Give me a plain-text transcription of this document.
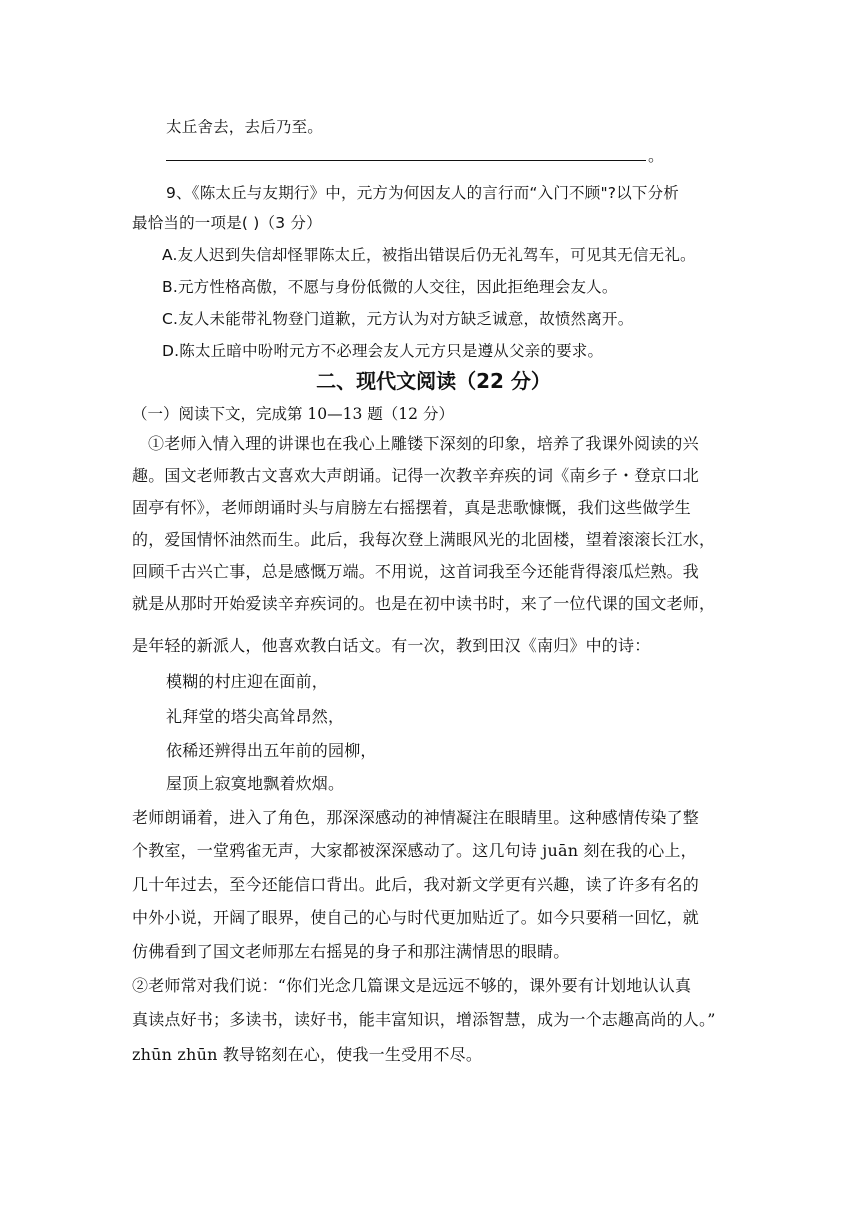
太丘舍去，去后乃至。
。
9、《陈太丘与友期行》中，元方为何因友人的言行而“入门不顾"?以下分析
最恰当的一项是( )（3 分）
A.友人迟到失信却怪罪陈太丘，被指出错误后仍无礼驾车，可见其无信无礼。
B.元方性格高傲，不愿与身份低微的人交往，因此拒绝理会友人。
C.友人未能带礼物登门道歉，元方认为对方缺乏诚意，故愤然离开。
D.陈太丘暗中吩咐元方不必理会友人元方只是遵从父亲的要求。
二、现代文阅读（22 分）
（一）阅读下文，完成第 10—13 题（12 分）
①老师入情入理的讲课也在我心上雕镂下深刻的印象，培养了我课外阅读的兴
趣。国文老师教古文喜欢大声朗诵。记得一次教辛弃疾的词《南乡子・登京口北
固亭有怀》，老师朗诵时头与肩膀左右摇摆着，真是悲歌慷慨，我们这些做学生
的，爱国情怀油然而生。此后，我每次登上满眼风光的北固楼，望着滚滚长江水，
回顾千古兴亡事，总是感慨万端。不用说，这首词我至今还能背得滚瓜烂熟。我
就是从那时开始爱读辛弃疾词的。也是在初中读书时，来了一位代课的国文老师，
是年轻的新派人，他喜欢教白话文。有一次，教到田汉《南归》中的诗：
模糊的村庄迎在面前，
礼拜堂的塔尖高耸昂然，
依稀还辨得出五年前的园柳，
屋顶上寂寞地飘着炊烟。
老师朗诵着，进入了角色，那深深感动的神情凝注在眼睛里。这种感情传染了整
个教室，一堂鸦雀无声，大家都被深深感动了。这几句诗 juān 刻在我的心上，
几十年过去，至今还能信口背出。此后，我对新文学更有兴趣，读了许多有名的
中外小说，开阔了眼界，使自己的心与时代更加贴近了。如今只要稍一回忆，就
仿佛看到了国文老师那左右摇晃的身子和那注满情思的眼睛。
②老师常对我们说：“你们光念几篇课文是远远不够的，课外要有计划地认认真
真读点好书；多读书，读好书，能丰富知识，增添智慧，成为一个志趣高尚的人。”
zhūn zhūn 教导铭刻在心，使我一生受用不尽。
